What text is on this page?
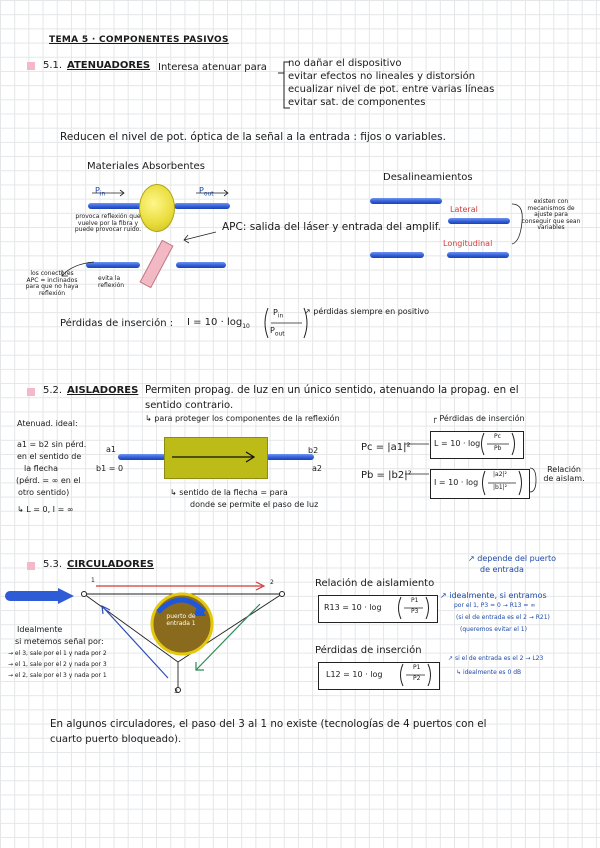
TEMA 5 · COMPONENTES PASIVOS
5.1. ATENUADORES Interesa atenuar para no dañar el dispositivo
evitar efectos no lineales y distorsión
ecualizar nivel de pot. entre varias líneas
evitar sat. de componentes
Reducen el nivel de pot. óptica de la señal a la entrada : fijos o variables.
Materiales Absorbentes
$P_{in}$	$P_{out}$
provoca reflexión que vuelve por la fibra y puede provocar ruido.
los conectores APC = inclinados para que no haya reflexión
evita la reflexión
APC: salida del láser y entrada del amplif.
Desalineamientos
Lateral
Longitudinal
existen con mecanismos de ajuste para conseguir que sean variables
Pérdidas de inserción : $I = 10 \cdot \log_{10}$
$P_{in}$
$P_{out}$
↗ pérdidas siempre en positivo
5.2. AISLADORES Permiten propag. de luz en un único sentido, atenuando la propag. en el
sentido contrario.
↳ para proteger los componentes de la reflexión
Atenuad. ideal:
a1 = b2 sin pérd.
en el sentido de
la flecha
(pérd. = ∞ en el
otro sentido)
↳ L = 0, I = ∞
a1
b1 = 0
b2
a2
↳ sentido de la flecha = para
donde se permite el paso de luz
Pc = |a1|²
Pb = |b2|²
┌ Pérdidas de inserción
L = 10 · log
Pc
Pb
I = 10 · log
|a2|²
|b1|²
Relación de aislam.
5.3. CIRCULADORES
1	2
3
puerto de entrada 1
Idealmente
si metemos señal por:
→ el 3, sale por el 1 y nada por 2
→ el 1, sale por el 2 y nada por 3
→ el 2, sale por el 3 y nada por 1
Relación de aislamiento
R13 = 10 · log
P1
P3
↗ depende del puerto
de entrada
↗ idealmente, si entramos
por el 1, P3 = 0 → R13 = ∞
(si el de entrada es el 2 → R21)
(queremos evitar el 1)
Pérdidas de inserción
L12 = 10 · log
P1
P2
↗ si el de entrada es el 2 → L23
↳ idealmente es 0 dB
En algunos circuladores, el paso del 3 al 1 no existe (tecnologías de 4 puertos con el
cuarto puerto bloqueado).
